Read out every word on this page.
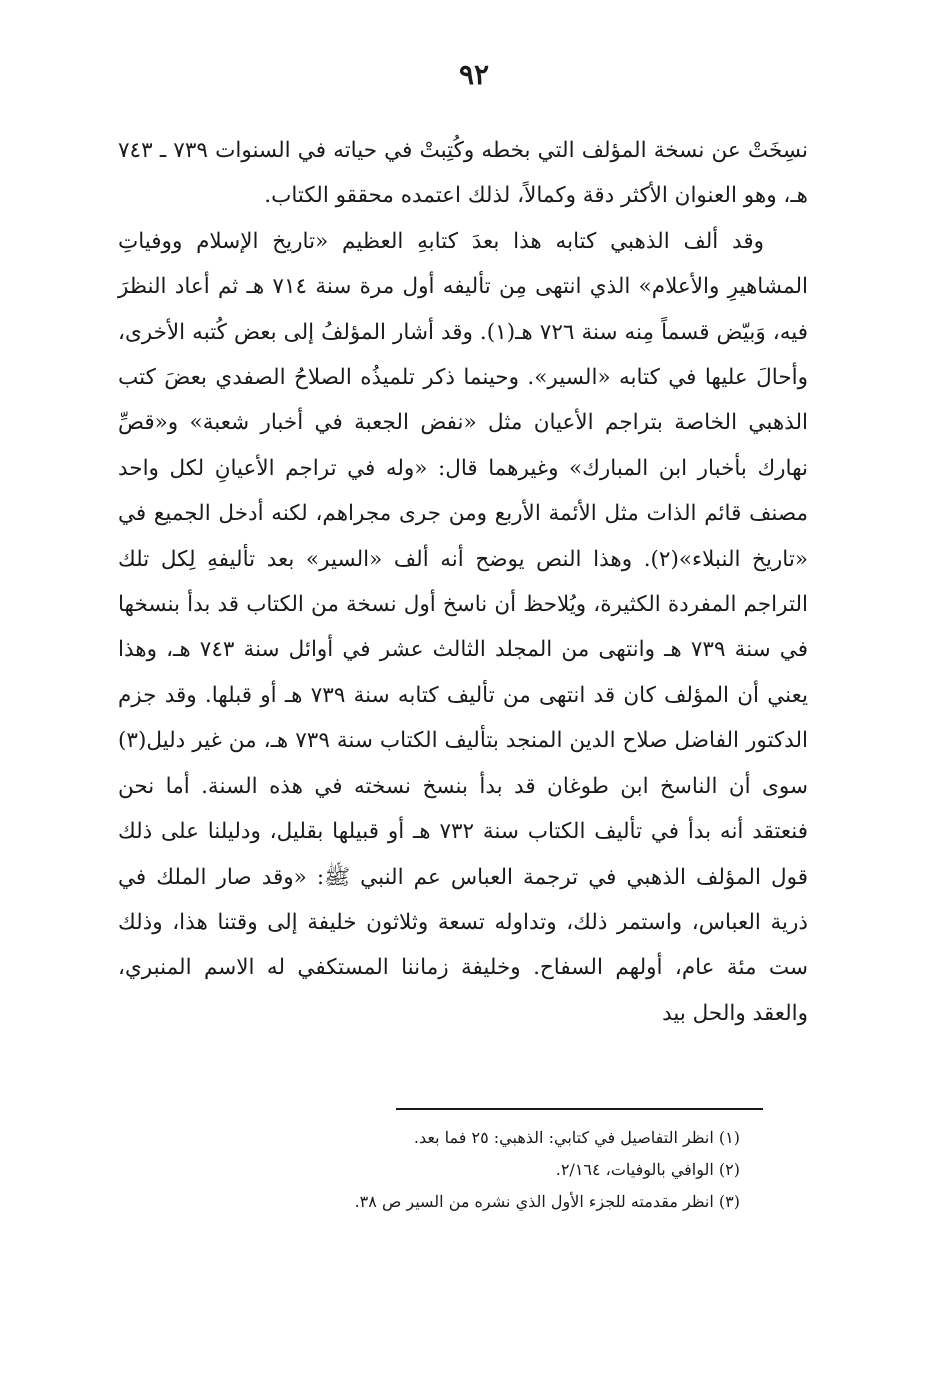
٩٢

نسِخَتْ عن نسخة المؤلف التي بخطه وكُتِبتْ في حياته في السنوات ٧٣٩ ـ ٧٤٣ هـ، وهو العنوان الأكثر دقة وكمالاً، لذلك اعتمده محققو الكتاب.

وقد ألف الذهبي كتابه هذا بعدَ كتابهِ العظيم «تاريخ الإسلام ووفياتِ المشاهيرِ والأعلام» الذي انتهى مِن تأليفه أول مرة سنة ٧١٤ هـ ثم أعاد النظرَ فيه، وَبيّض قسماً مِنه سنة ٧٢٦ هـ(١). وقد أشار المؤلفُ إلى بعض كُتبه الأخرى، وأحالَ عليها في كتابه «السير». وحينما ذكر تلميذُه الصلاحُ الصفدي بعضَ كتب الذهبي الخاصة بتراجم الأعيان مثل «نفض الجعبة في أخبار شعبة» و«قصِّ نهارك بأخبار ابن المبارك» وغيرهما قال: «وله في تراجم الأعيانِ لكل واحد مصنف قائم الذات مثل الأئمة الأربع ومن جرى مجراهم، لكنه أدخل الجميع في «تاريخ النبلاء»(٢). وهذا النص يوضح أنه ألف «السير» بعد تأليفهِ لِكل تلك التراجم المفردة الكثيرة، ويُلاحظ أن ناسخ أول نسخة من الكتاب قد بدأ بنسخها في سنة ٧٣٩ هـ وانتهى من المجلد الثالث عشر في أوائل سنة ٧٤٣ هـ، وهذا يعني أن المؤلف كان قد انتهى من تأليف كتابه سنة ٧٣٩ هـ أو قبلها. وقد جزم الدكتور الفاضل صلاح الدين المنجد بتأليف الكتاب سنة ٧٣٩ هـ، من غير دليل(٣) سوى أن الناسخ ابن طوغان قد بدأ بنسخ نسخته في هذه السنة. أما نحن فنعتقد أنه بدأ في تأليف الكتاب سنة ٧٣٢ هـ أو قبيلها بقليل، ودليلنا على ذلك قول المؤلف الذهبي في ترجمة العباس عم النبي ﷺ: «وقد صار الملك في ذرية العباس، واستمر ذلك، وتداوله تسعة وثلاثون خليفة إلى وقتنا هذا، وذلك ست مئة عام، أولهم السفاح. وخليفة زماننا المستكفي له الاسم المنبري، والعقد والحل بيد

(١) انظر التفاصيل في كتابي: الذهبي: ٢٥ فما بعد.
(٢) الوافي بالوفيات، ٢/١٦٤.
(٣) انظر مقدمته للجزء الأول الذي نشره من السير ص ٣٨.
